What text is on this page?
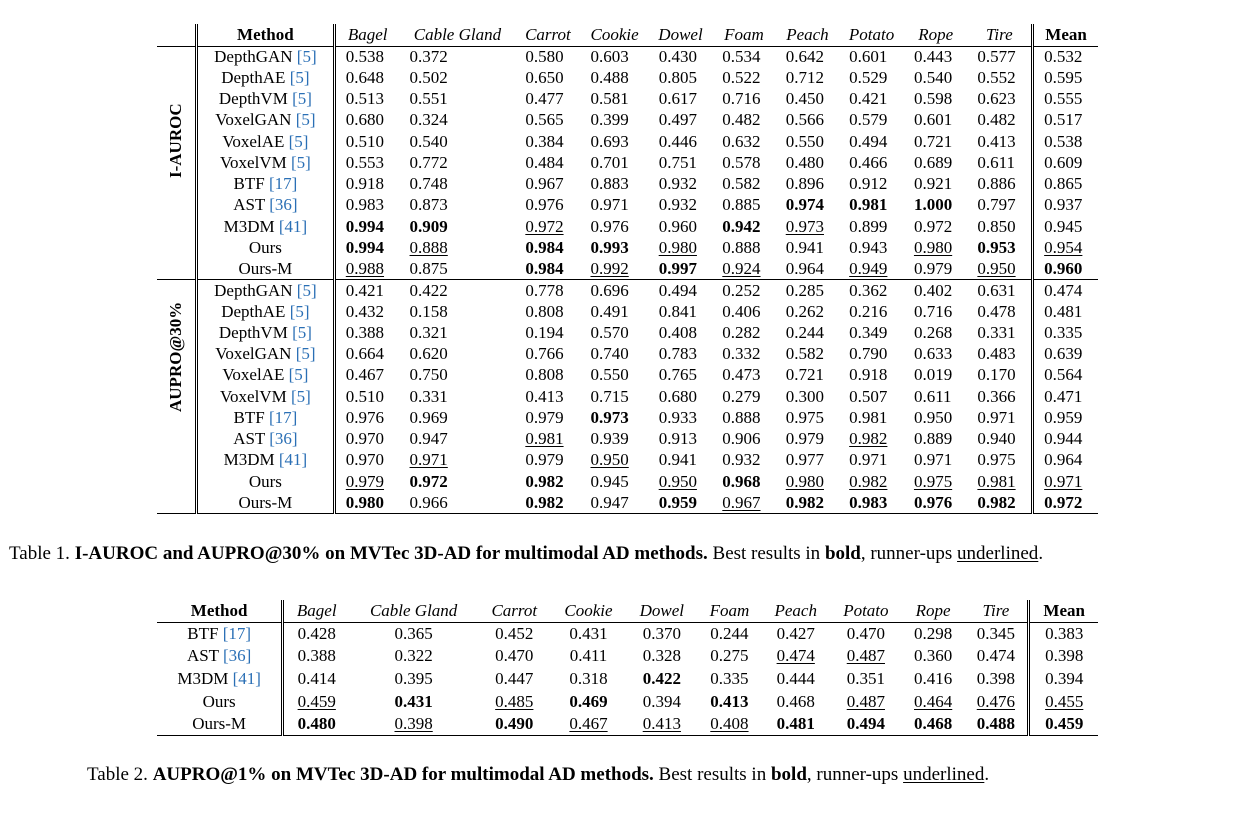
	Method	Bagel	Cable Gland	Carrot	Cookie	Dowel	Foam	Peach	Potato	Rope	Tire	Mean

I-AUROC	DepthGAN [5]	0.538	0.372	0.580	0.603	0.430	0.534	0.642	0.601	0.443	0.577	0.532
	DepthAE [5]	0.648	0.502	0.650	0.488	0.805	0.522	0.712	0.529	0.540	0.552	0.595
	DepthVM [5]	0.513	0.551	0.477	0.581	0.617	0.716	0.450	0.421	0.598	0.623	0.555
	VoxelGAN [5]	0.680	0.324	0.565	0.399	0.497	0.482	0.566	0.579	0.601	0.482	0.517
	VoxelAE [5]	0.510	0.540	0.384	0.693	0.446	0.632	0.550	0.494	0.721	0.413	0.538
	VoxelVM [5]	0.553	0.772	0.484	0.701	0.751	0.578	0.480	0.466	0.689	0.611	0.609
	BTF [17]	0.918	0.748	0.967	0.883	0.932	0.582	0.896	0.912	0.921	0.886	0.865
	AST [36]	0.983	0.873	0.976	0.971	0.932	0.885	0.974	0.981	1.000	0.797	0.937
	M3DM [41]	0.994	0.909	0.972	0.976	0.960	0.942	0.973	0.899	0.972	0.850	0.945
	Ours	0.994	0.888	0.984	0.993	0.980	0.888	0.941	0.943	0.980	0.953	0.954
	Ours-M	0.988	0.875	0.984	0.992	0.997	0.924	0.964	0.949	0.979	0.950	0.960

AUPRO@30%	DepthGAN [5]	0.421	0.422	0.778	0.696	0.494	0.252	0.285	0.362	0.402	0.631	0.474
	DepthAE [5]	0.432	0.158	0.808	0.491	0.841	0.406	0.262	0.216	0.716	0.478	0.481
	DepthVM [5]	0.388	0.321	0.194	0.570	0.408	0.282	0.244	0.349	0.268	0.331	0.335
	VoxelGAN [5]	0.664	0.620	0.766	0.740	0.783	0.332	0.582	0.790	0.633	0.483	0.639
	VoxelAE [5]	0.467	0.750	0.808	0.550	0.765	0.473	0.721	0.918	0.019	0.170	0.564
	VoxelVM [5]	0.510	0.331	0.413	0.715	0.680	0.279	0.300	0.507	0.611	0.366	0.471
	BTF [17]	0.976	0.969	0.979	0.973	0.933	0.888	0.975	0.981	0.950	0.971	0.959
	AST [36]	0.970	0.947	0.981	0.939	0.913	0.906	0.979	0.982	0.889	0.940	0.944
	M3DM [41]	0.970	0.971	0.979	0.950	0.941	0.932	0.977	0.971	0.971	0.975	0.964
	Ours	0.979	0.972	0.982	0.945	0.950	0.968	0.980	0.982	0.975	0.981	0.971
	Ours-M	0.980	0.966	0.982	0.947	0.959	0.967	0.982	0.983	0.976	0.982	0.972
Table 1. I-AUROC and AUPRO@30% on MVTec 3D-AD for multimodal AD methods. Best results in bold, runner-ups underlined.
Method	Bagel	Cable Gland	Carrot	Cookie	Dowel	Foam	Peach	Potato	Rope	Tire	Mean
BTF [17]	0.428	0.365	0.452	0.431	0.370	0.244	0.427	0.470	0.298	0.345	0.383
AST [36]	0.388	0.322	0.470	0.411	0.328	0.275	0.474	0.487	0.360	0.474	0.398
M3DM [41]	0.414	0.395	0.447	0.318	0.422	0.335	0.444	0.351	0.416	0.398	0.394
Ours	0.459	0.431	0.485	0.469	0.394	0.413	0.468	0.487	0.464	0.476	0.455
Ours-M	0.480	0.398	0.490	0.467	0.413	0.408	0.481	0.494	0.468	0.488	0.459
Table 2. AUPRO@1% on MVTec 3D-AD for multimodal AD methods. Best results in bold, runner-ups underlined.
